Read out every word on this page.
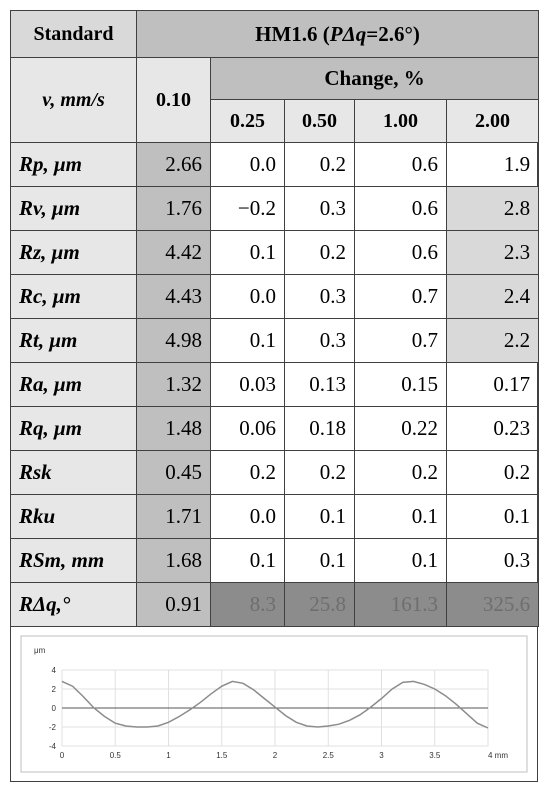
Standard	HM1.6 (PΔq=2.6°)				
v, mm/s	0.10	Change, %			
		0.25	0.50	1.00	2.00
Rp, μm	2.66	0.0	0.2	0.6	1.9
Rv, μm	1.76	−0.2	0.3	0.6	2.8
Rz, μm	4.42	0.1	0.2	0.6	2.3
Rc, μm	4.43	0.0	0.3	0.7	2.4
Rt, μm	4.98	0.1	0.3	0.7	2.2
Ra, μm	1.32	0.03	0.13	0.15	0.17
Rq, μm	1.48	0.06	0.18	0.22	0.23
Rsk	0.45	0.2	0.2	0.2	0.2
Rku	1.71	0.0	0.1	0.1	0.1
RSm, mm	1.68	0.1	0.1	0.1	0.3
RΔq,°	0.91	8.3	25.8	161.3	325.6
4
2
0
-2
-4
0	0.5	1	1.5	2	2.5	3	3.5	4 mm
μm
